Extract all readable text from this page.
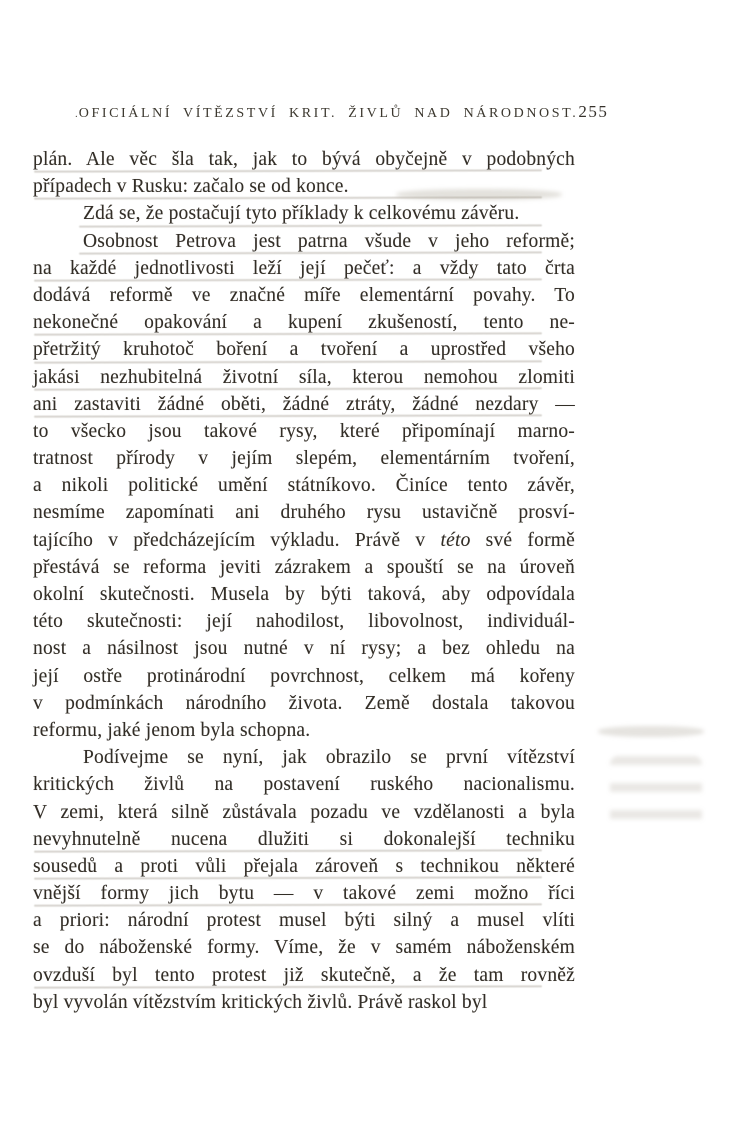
.OFICIÁLNÍ VÍTĚZSTVÍ KRIT. ŽIVLŮ NAD NÁRODNOST. 255
plán. Ale věc šla tak, jak to bývá obyčejně v podobných
případech v Rusku: začalo se od konce.
Zdá se, že postačují tyto příklady k celkovému závěru.
Osobnost Petrova jest patrna všude v jeho reformě;
na každé jednotlivosti leží její pečeť: a vždy tato črta
dodává reformě ve značné míře elementární povahy. To
nekonečné opakování a kupení zkušeností, tento ne-
přetržitý kruhotoč boření a tvoření a uprostřed všeho
jakási nezhubitelná životní síla, kterou nemohou zlomiti
ani zastaviti žádné oběti, žádné ztráty, žádné nezdary —
to všecko jsou takové rysy, které připomínají marno-
tratnost přírody v jejím slepém, elementárním tvoření,
a nikoli politické umění státníkovo. Činíce tento závěr,
nesmíme zapomínati ani druhého rysu ustavičně prosví-
tajícího v předcházejícím výkladu. Právě v této své formě
přestává se reforma jeviti zázrakem a spouští se na úroveň
okolní skutečnosti. Musela by býti taková, aby odpovídala
této skutečnosti: její nahodilost, libovolnost, individuál-
nost a násilnost jsou nutné v ní rysy; a bez ohledu na
její ostře protinárodní povrchnost, celkem má kořeny
v podmínkách národního života. Země dostala takovou
reformu, jaké jenom byla schopna.
Podívejme se nyní, jak obrazilo se první vítězství
kritických živlů na postavení ruského nacionalismu.
V zemi, která silně zůstávala pozadu ve vzdělanosti a byla
nevyhnutelně nucena dlužiti si dokonalejší techniku
sousedů a proti vůli přejala zároveň s technikou některé
vnější formy jich bytu — v takové zemi možno říci
a priori: národní protest musel býti silný a musel vlíti
se do náboženské formy. Víme, že v samém náboženském
ovzduší byl tento protest již skutečně, a že tam rovněž
byl vyvolán vítězstvím kritických živlů. Právě raskol byl
